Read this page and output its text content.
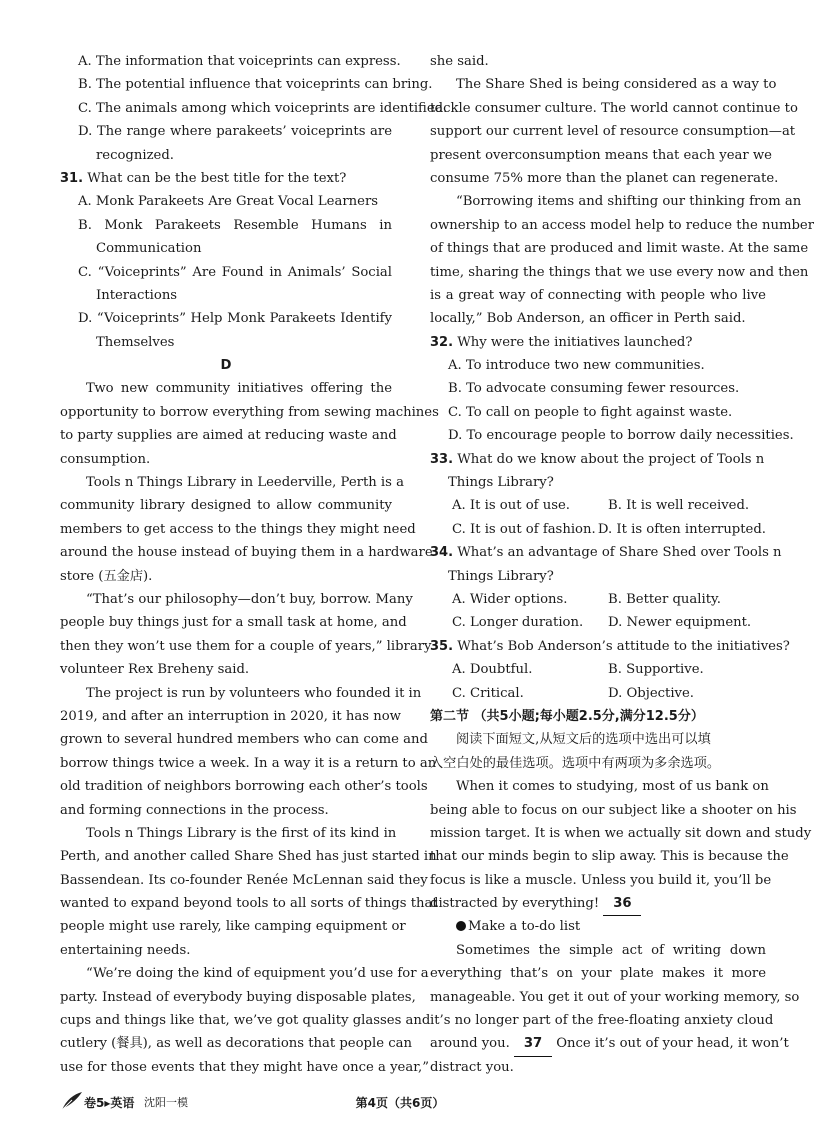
A. The information that voiceprints can express.
B. The potential influence that voiceprints can bring.
C. The animals among which voiceprints are identified.
D. The range where parakeets’ voiceprints are
recognized.
31. What can be the best title for the text?
A. Monk Parakeets Are Great Vocal Learners
B. Monk Parakeets Resemble Humans in
Communication
C. “Voiceprints” Are Found in Animals’ Social
Interactions
D. “Voiceprints” Help Monk Parakeets Identify
Themselves
D
Two new community initiatives offering the
opportunity to borrow everything from sewing machines
to party supplies are aimed at reducing waste and
consumption.
Tools n Things Library in Leederville, Perth is a
community library designed to allow community
members to get access to the things they might need
around the house instead of buying them in a hardware
store (五金店).
“That’s our philosophy—don’t buy, borrow. Many
people buy things just for a small task at home, and
then they won’t use them for a couple of years,” library
volunteer Rex Breheny said.
The project is run by volunteers who founded it in
2019, and after an interruption in 2020, it has now
grown to several hundred members who can come and
borrow things twice a week. In a way it is a return to an
old tradition of neighbors borrowing each other’s tools
and forming connections in the process.
Tools n Things Library is the first of its kind in
Perth, and another called Share Shed has just started in
Bassendean. Its co-founder Renée McLennan said they
wanted to expand beyond tools to all sorts of things that
people might use rarely, like camping equipment or
entertaining needs.
“We’re doing the kind of equipment you’d use for a
party. Instead of everybody buying disposable plates,
cups and things like that, we’ve got quality glasses and
cutlery (餐具), as well as decorations that people can
use for those events that they might have once a year,”
she said.
The Share Shed is being considered as a way to
tackle consumer culture. The world cannot continue to
support our current level of resource consumption—at
present overconsumption means that each year we
consume 75% more than the planet can regenerate.
“Borrowing items and shifting our thinking from an
ownership to an access model help to reduce the number
of things that are produced and limit waste. At the same
time, sharing the things that we use every now and then
is a great way of connecting with people who live
locally,” Bob Anderson, an officer in Perth said.
32. Why were the initiatives launched?
A. To introduce two new communities.
B. To advocate consuming fewer resources.
C. To call on people to fight against waste.
D. To encourage people to borrow daily necessities.
33. What do we know about the project of Tools n
Things Library?
A. It is out of use.	B. It is well received.
C. It is out of fashion. D. It is often interrupted.
34. What’s an advantage of Share Shed over Tools n
Things Library?
A. Wider options.	B. Better quality.
C. Longer duration.	D. Newer equipment.
35. What’s Bob Anderson’s attitude to the initiatives?
A. Doubtful.	B. Supportive.
C. Critical.	D. Objective.
第二节 （共5小题;每小题2.5分,满分12.5分）
阅读下面短文,从短文后的选项中选出可以填
入空白处的最佳选项。选项中有两项为多余选项。
When it comes to studying, most of us bank on
being able to focus on our subject like a shooter on his
mission target. It is when we actually sit down and study
that our minds begin to slip away. This is because the
focus is like a muscle. Unless you build it, you’ll be
distracted by everything! 36
Make a to-do list
Sometimes the simple act of writing down
everything that’s on your plate makes it more
manageable. You get it out of your working memory, so
it’s no longer part of the free-floating anxiety cloud
around you. 37 Once it’s out of your head, it won’t
distract you.
卷5▸英语 沈阳一模	第4页（共6页）
